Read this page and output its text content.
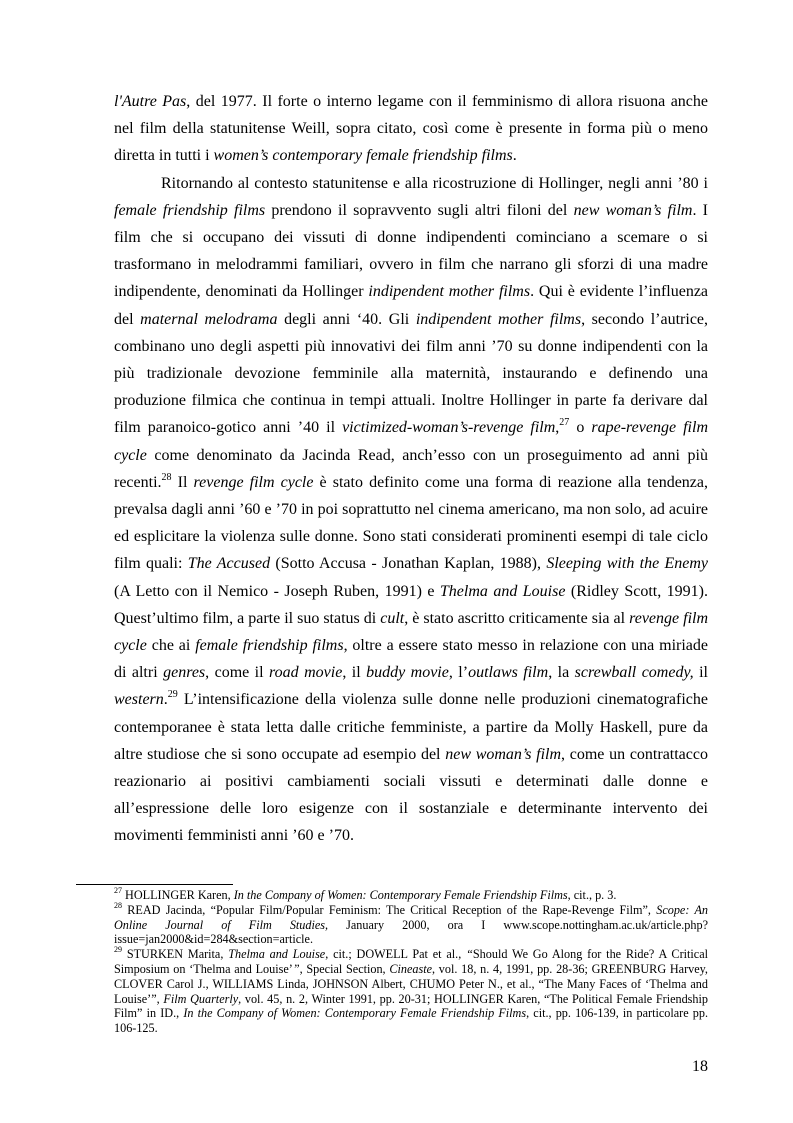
l'Autre Pas, del 1977. Il forte o interno legame con il femminismo di allora risuona anche nel film della statunitense Weill, sopra citato, così come è presente in forma più o meno diretta in tutti i women’s contemporary female friendship films.

Ritornando al contesto statunitense e alla ricostruzione di Hollinger, negli anni ’80 i female friendship films prendono il sopravvento sugli altri filoni del new woman’s film. I film che si occupano dei vissuti di donne indipendenti cominciano a scemare o si trasformano in melodrammi familiari, ovvero in film che narrano gli sforzi di una madre indipendente, denominati da Hollinger indipendent mother films. Qui è evidente l’influenza del maternal melodrama degli anni ‘40. Gli indipendent mother films, secondo l’autrice, combinano uno degli aspetti più innovativi dei film anni ’70 su donne indipendenti con la più tradizionale devozione femminile alla maternità, instaurando e definendo una produzione filmica che continua in tempi attuali. Inoltre Hollinger in parte fa derivare dal film paranoico-gotico anni ’40 il victimized-woman’s-revenge film,$^{27}$ o rape-revenge film cycle come denominato da Jacinda Read, anch’esso con un proseguimento ad anni più recenti.$^{28}$ Il revenge film cycle è stato definito come una forma di reazione alla tendenza, prevalsa dagli anni ’60 e ’70 in poi soprattutto nel cinema americano, ma non solo, ad acuire ed esplicitare la violenza sulle donne. Sono stati considerati prominenti esempi di tale ciclo film quali: The Accused (Sotto Accusa - Jonathan Kaplan, 1988), Sleeping with the Enemy (A Letto con il Nemico - Joseph Ruben, 1991) e Thelma and Louise (Ridley Scott, 1991). Quest’ultimo film, a parte il suo status di cult, è stato ascritto criticamente sia al revenge film cycle che ai female friendship films, oltre a essere stato messo in relazione con una miriade di altri genres, come il road movie, il buddy movie, l’outlaws film, la screwball comedy, il western.$^{29}$ L’intensificazione della violenza sulle donne nelle produzioni cinematografiche contemporanee è stata letta dalle critiche femministe, a partire da Molly Haskell, pure da altre studiose che si sono occupate ad esempio del new woman’s film, come un contrattacco reazionario ai positivi cambiamenti sociali vissuti e determinati dalle donne e all’espressione delle loro esigenze con il sostanziale e determinante intervento dei movimenti femministi anni ’60 e ’70.

$^{27}$ HOLLINGER Karen, In the Company of Women: Contemporary Female Friendship Films, cit., p. 3.

$^{28}$ READ Jacinda, “Popular Film/Popular Feminism: The Critical Reception of the Rape-Revenge Film”, Scope: An Online Journal of Film Studies, January 2000, ora I www.scope.nottingham.ac.uk/article.php?issue=jan2000&id=284&section=article.

$^{29}$ STURKEN Marita, Thelma and Louise, cit.; DOWELL Pat et al., “Should We Go Along for the Ride? A Critical Simposium on ‘Thelma and Louise’”, Special Section, Cineaste, vol. 18, n. 4, 1991, pp. 28-36; GREENBURG Harvey, CLOVER Carol J., WILLIAMS Linda, JOHNSON Albert, CHUMO Peter N., et al., “The Many Faces of ‘Thelma and Louise’”, Film Quarterly, vol. 45, n. 2, Winter 1991, pp. 20-31; HOLLINGER Karen, “The Political Female Friendship Film” in ID., In the Company of Women: Contemporary Female Friendship Films, cit., pp. 106-139, in particolare pp. 106-125.

18
